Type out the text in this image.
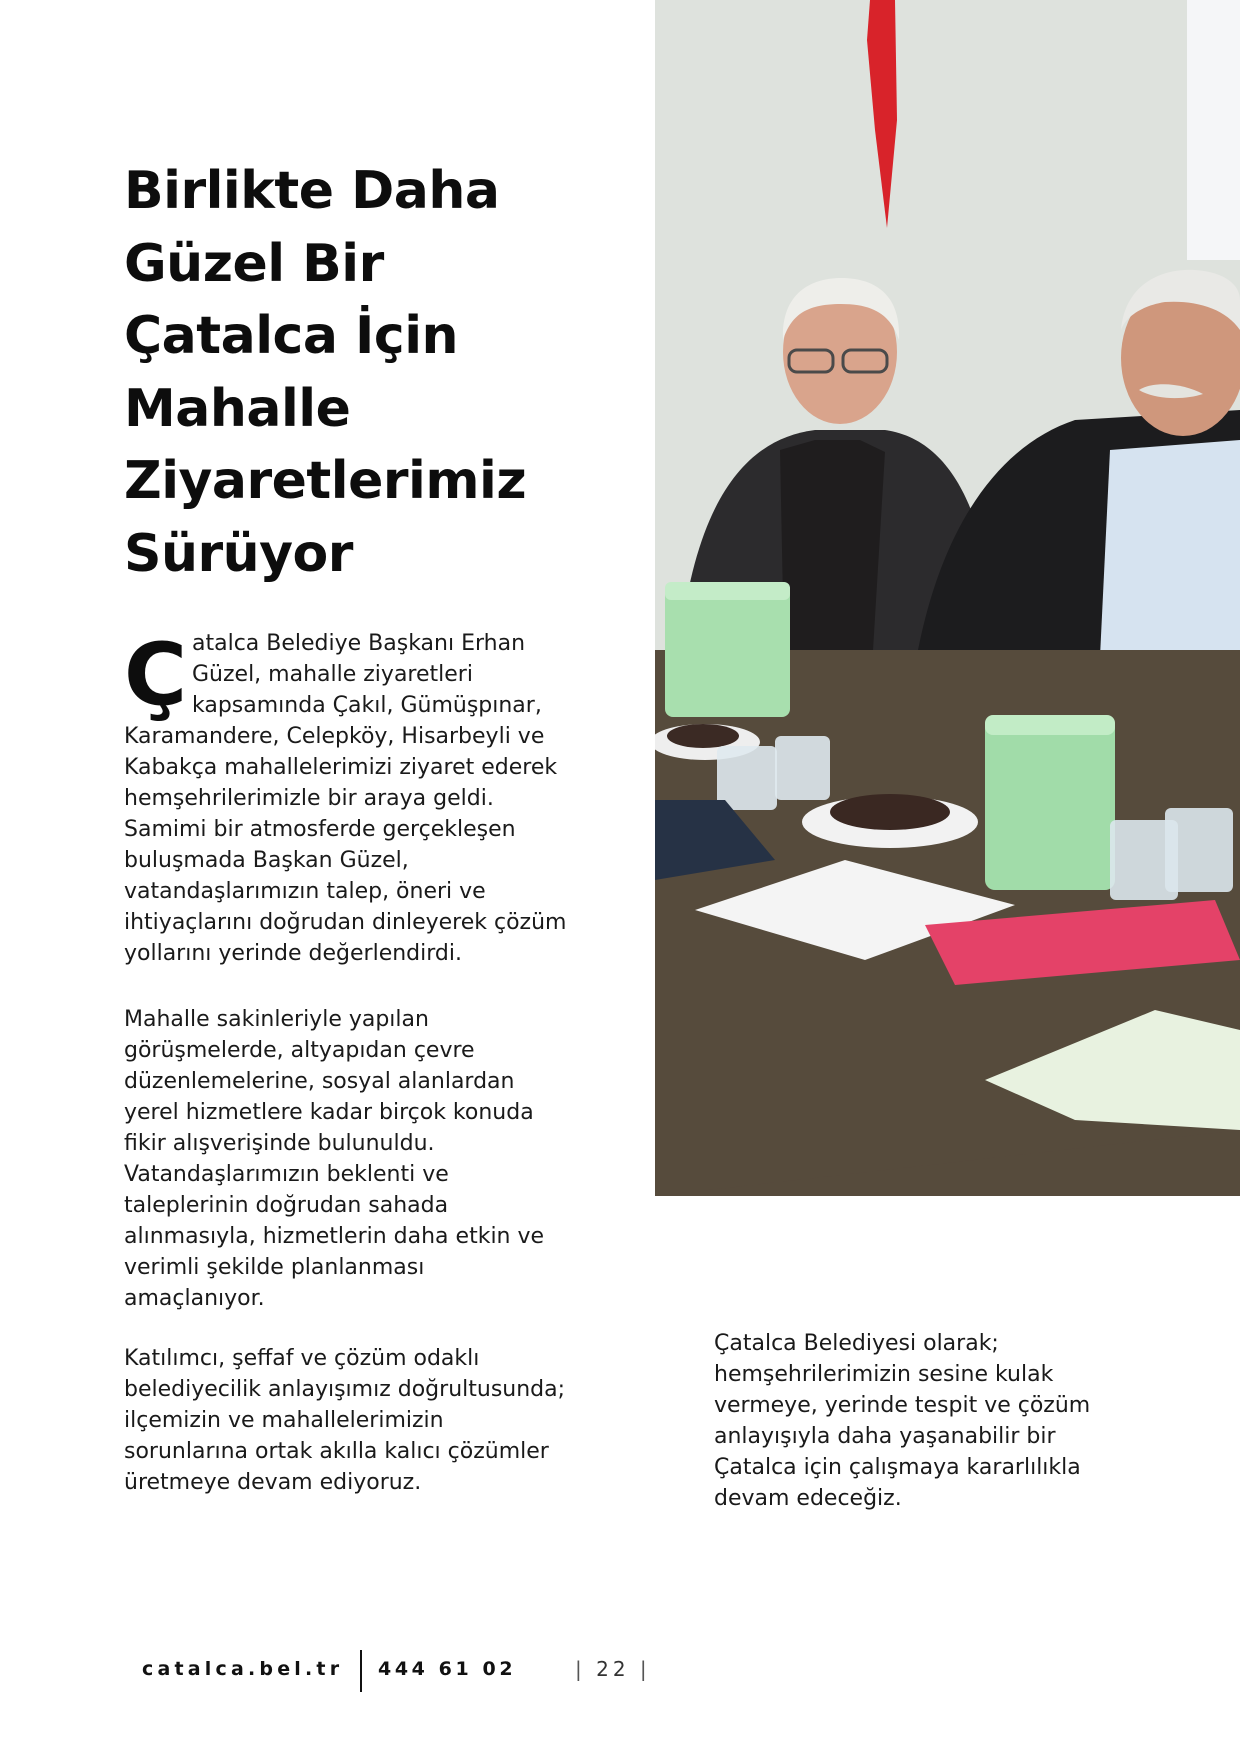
Birlikte Daha
Güzel Bir
Çatalca İçin
Mahalle
Ziyaretlerimiz
Sürüyor
Ç atalca Belediye Başkanı Erhan
Güzel, mahalle ziyaretleri
kapsamında Çakıl, Gümüşpınar,
Karamandere, Celepköy, Hisarbeyli ve
Kabakça mahallelerimizi ziyaret ederek
hemşehrilerimizle bir araya geldi.
Samimi bir atmosferde gerçekleşen
buluşmada Başkan Güzel,
vatandaşlarımızın talep, öneri ve
ihtiyaçlarını doğrudan dinleyerek çözüm
yollarını yerinde değerlendirdi.
Mahalle sakinleriyle yapılan
görüşmelerde, altyapıdan çevre
düzenlemelerine, sosyal alanlardan
yerel hizmetlere kadar birçok konuda
fikir alışverişinde bulunuldu.
Vatandaşlarımızın beklenti ve
taleplerinin doğrudan sahada
alınmasıyla, hizmetlerin daha etkin ve
verimli şekilde planlanması
amaçlanıyor.
Katılımcı, şeffaf ve çözüm odaklı
belediyecilik anlayışımız doğrultusunda;
ilçemizin ve mahallelerimizin
sorunlarına ortak akılla kalıcı çözümler
üretmeye devam ediyoruz.
Çatalca Belediyesi olarak;
hemşehrilerimizin sesine kulak
vermeye, yerinde tespit ve çözüm
anlayışıyla daha yaşanabilir bir
Çatalca için çalışmaya kararlılıkla
devam edeceğiz.
catalca.bel.tr 444 61 02	| 22 |
